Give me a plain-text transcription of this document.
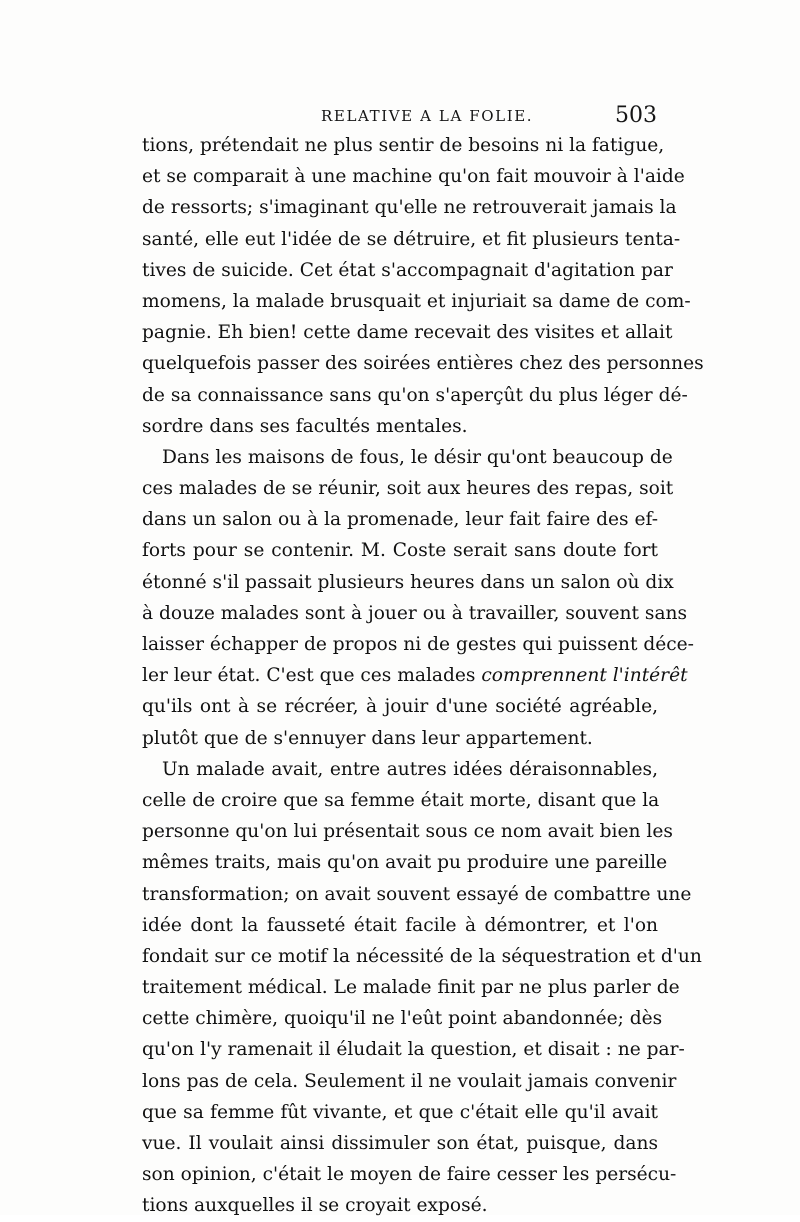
RELATIVE A LA FOLIE.	503
tions, prétendait ne plus sentir de besoins ni la fatigue,
et se comparait à une machine qu'on fait mouvoir à l'aide
de ressorts; s'imaginant qu'elle ne retrouverait jamais la
santé, elle eut l'idée de se détruire, et fit plusieurs tenta-
tives de suicide. Cet état s'accompagnait d'agitation par
momens, la malade brusquait et injuriait sa dame de com-
pagnie. Eh bien! cette dame recevait des visites et allait
quelquefois passer des soirées entières chez des personnes
de sa connaissance sans qu'on s'aperçût du plus léger dé-
sordre dans ses facultés mentales.
Dans les maisons de fous, le désir qu'ont beaucoup de
ces malades de se réunir, soit aux heures des repas, soit
dans un salon ou à la promenade, leur fait faire des ef-
forts pour se contenir. M. Coste serait sans doute fort
étonné s'il passait plusieurs heures dans un salon où dix
à douze malades sont à jouer ou à travailler, souvent sans
laisser échapper de propos ni de gestes qui puissent déce-
ler leur état. C'est que ces malades comprennent l'intérêt
qu'ils ont à se récréer, à jouir d'une société agréable,
plutôt que de s'ennuyer dans leur appartement.
Un malade avait, entre autres idées déraisonnables,
celle de croire que sa femme était morte, disant que la
personne qu'on lui présentait sous ce nom avait bien les
mêmes traits, mais qu'on avait pu produire une pareille
transformation; on avait souvent essayé de combattre une
idée dont la fausseté était facile à démontrer, et l'on
fondait sur ce motif la nécessité de la séquestration et d'un
traitement médical. Le malade finit par ne plus parler de
cette chimère, quoiqu'il ne l'eût point abandonnée; dès
qu'on l'y ramenait il éludait la question, et disait : ne par-
lons pas de cela. Seulement il ne voulait jamais convenir
que sa femme fût vivante, et que c'était elle qu'il avait
vue. Il voulait ainsi dissimuler son état, puisque, dans
son opinion, c'était le moyen de faire cesser les persécu-
tions auxquelles il se croyait exposé.
